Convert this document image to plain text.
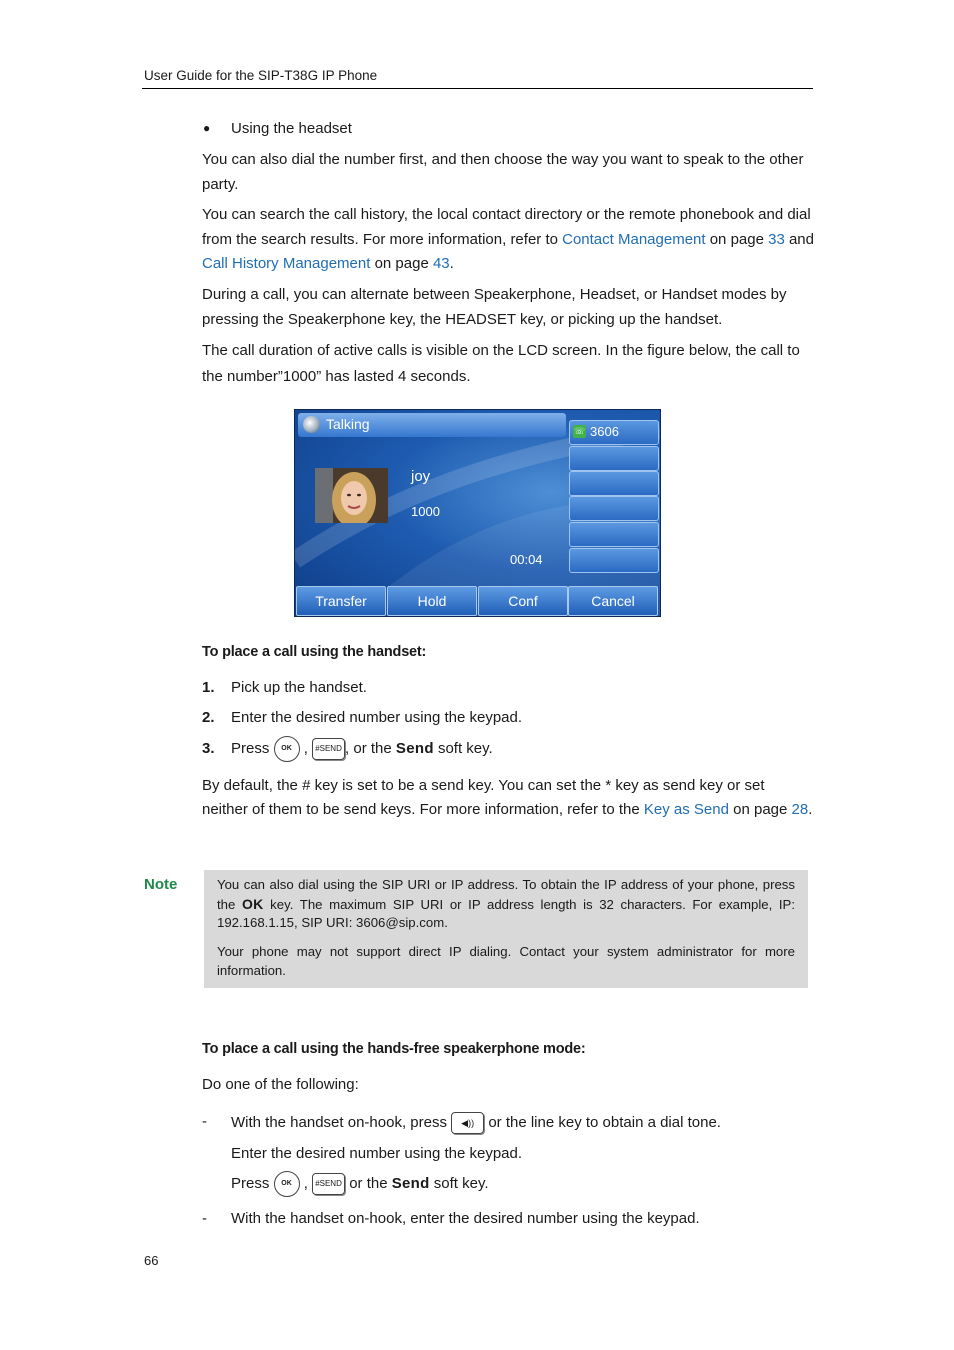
User Guide for the SIP-T38G IP Phone
● Using the headset
You can also dial the number first, and then choose the way you want to speak to the other party.
You can search the call history, the local contact directory or the remote phonebook and dial from the search results. For more information, refer to Contact Management on page 33 and Call History Management on page 43.
During a call, you can alternate between Speakerphone, Headset, or Handset modes by pressing the Speakerphone key, the HEADSET key, or picking up the handset.
The call duration of active calls is visible on the LCD screen. In the figure below, the call to the number”1000” has lasted 4 seconds.
Talking	☏ 3606
joy
1000
00:04
Transfer	Hold	Conf	Cancel
To place a call using the handset:
1. Pick up the handset.
2. Enter the desired number using the keypad.
3. Press OK , #SEND , or the Send soft key.
By default, the # key is set to be a send key. You can set the * key as send key or set neither of them to be send keys. For more information, refer to the Key as Send on page 28.
Note	You can also dial using the SIP URI or IP address. To obtain the IP address of your phone, press the OK key. The maximum SIP URI or IP address length is 32 characters. For example, IP: 192.168.1.15, SIP URI: 3606@sip.com.
Your phone may not support direct IP dialing. Contact your system administrator for more information.
To place a call using the hands-free speakerphone mode:
Do one of the following:
- With the handset on-hook, press ◀)) or the line key to obtain a dial tone.
Enter the desired number using the keypad.
Press OK , #SEND or the Send soft key.
- With the handset on-hook, enter the desired number using the keypad.
66
